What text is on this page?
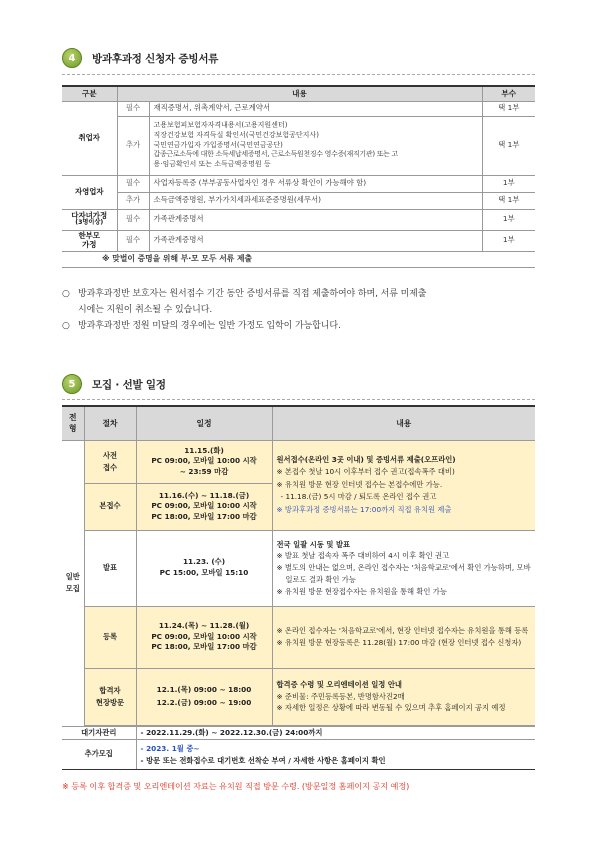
4	방과후과정 신청자 증빙서류
구분	내용		부수
취업자	필수	재직증명서, 위촉계약서, 근로계약서	택 1부
	추가	고용보험피보험자자격내용서(고용지원센터)
직장건강보험 자격득실 확인서(국민건강보험공단지사)
국민연금가입자 가입증명서(국민연금공단)
갑종근로소득에 대한 소득세납세증명서, 근로소득원천징수 영수증(재직기관) 또는 고
용·임금확인서 또는 소득금액증명원 등	택 1부
자영업자	필수	사업자등록증 (부부공동사업자인 경우 서류상 확인이 가능해야 함)	1부
	추가	소득금액증명원, 부가가치세과세표준증명원(세무서)	택 1부
다자녀가정
(3명이상)	필수	가족관계증명서	1부

한부모
가정	필수	가족관계증명서	1부
※ 맞벌이 증명을 위해 부·모 모두 서류 제출			
○ 방과후과정반 보호자는 원서접수 기간 동안 증빙서류를 직접 제출하여야 하며, 서류 미제출
시에는 지원이 취소될 수 있습니다.
○ 방과후과정반 정원 미달의 경우에는 일반 가정도 입학이 가능합니다.
5	모집 · 선발 일정
전
형	절차	일정	내용

일반
모집	사전
접수	11.15.(화)
PC 09:00, 모바일 10:00 시작
~ 23:59 마감	원서접수(온라인 3곳 이내) 및 증빙서류 제출(오프라인)
※ 본접수 첫날 10시 이후부터 접수 권고(접속폭주 대비)
※ 유치원 방문 현장 인터넷 접수는 본접수에만 가능.
- 11.18.(금) 5시 마감 / 퇴도록 온라인 접수 권고
※ 방과후과정 증빙서류는 17:00까지 직접 유치원 제출

	본접수	11.16.(수) ~ 11.18.(금)
PC 09:00, 모바일 10:00 시작
PC 18:00, 모바일 17:00 마감	

	발표	11.23. (수)
PC 15:00, 모바일 15:10	전국 일괄 시동 및 발표
※ 발표 첫날 접속자 폭주 대비하여 4시 이후 확인 권고
※ 별도의 안내는 없으며, 온라인 접수자는 '처음학교로'에서 확인 가능하며, 모바일로도 결과 확인 가능
※ 유치원 방문 현장접수자는 유치원을 통해 확인 가능

	등록	11.24.(목) ~ 11.28.(월)
PC 09:00, 모바일 10:00 시작
PC 18:00, 모바일 17:00 마감	※ 온라인 접수자는 '처음학교로'에서, 현장 인터넷 접수자는 유치원을 통해 등록
※ 유치원 방문 현장등록은 11.28(월) 17:00 마감 (현장 인터넷 접수 신청자)

	합격자
현장방문	12.1.(목) 09:00 ~ 18:00
12.2.(금) 09:00 ~ 19:00	합격증 수령 및 오리엔테이션 일정 안내
※ 준비물: 주민등록등본, 반명함사진2매
※ 자세한 일정은 상황에 따라 변동될 수 있으며 추후 홈페이지 공지 예정

대기자관리		- 2022.11.29.(화) ~ 2022.12.30.(금) 24:00까지	
추가모집		- 2023. 1월 중~
- 방문 또는 전화접수로 대기번호 선착순 부여 / 자세한 사항은 홈페이지 확인	
※ 등록 이후 합격증 및 오리엔테이션 자료는 유치원 직접 방문 수령. (방문일정 홈페이지 공지 예정)
